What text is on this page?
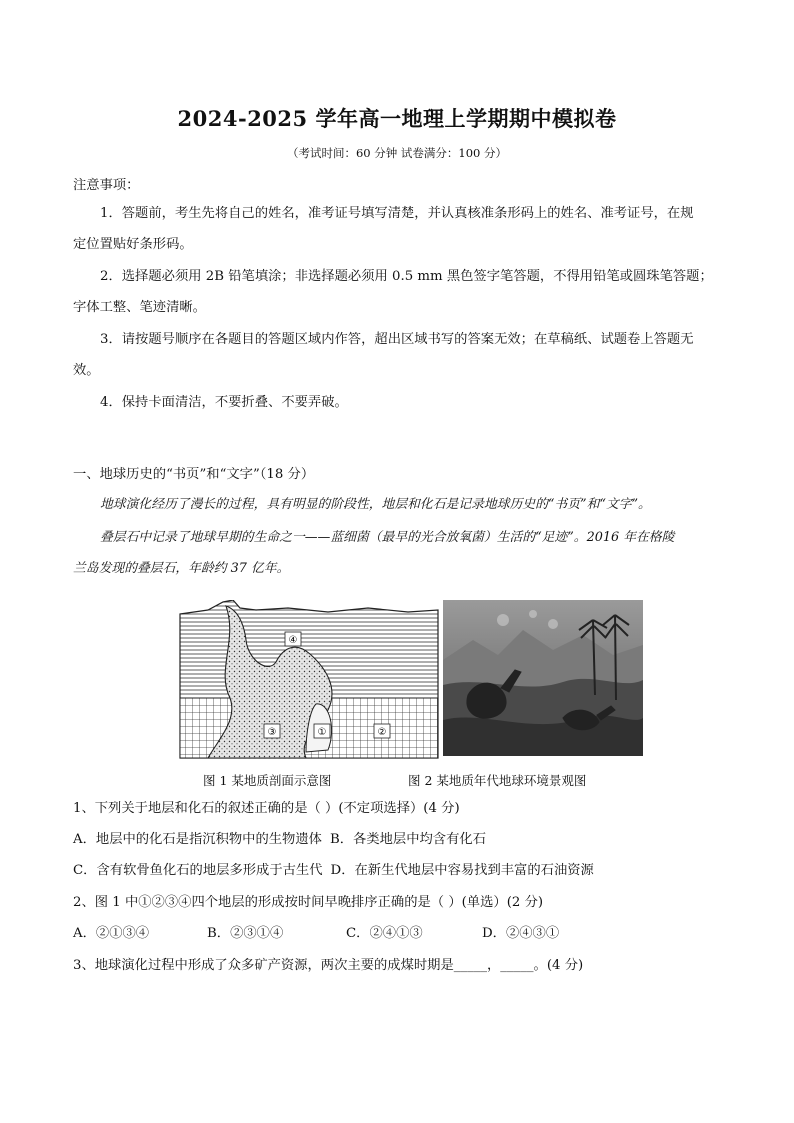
2024-2025 学年高一地理上学期期中模拟卷
（考试时间：60 分钟 试卷满分：100 分）
注意事项：
1．答题前，考生先将自己的姓名，准考证号填写清楚，并认真核准条形码上的姓名、准考证号，在规
定位置贴好条形码。
2．选择题必须用 2B 铅笔填涂；非选择题必须用 0.5 mm 黑色签字笔答题，不得用铅笔或圆珠笔答题；
字体工整、笔迹清晰。
3．请按题号顺序在各题目的答题区域内作答，超出区域书写的答案无效；在草稿纸、试题卷上答题无
效。
4．保持卡面清洁，不要折叠、不要弄破。
一、地球历史的“书页”和“文字”（18 分）
地球演化经历了漫长的过程，具有明显的阶段性，地层和化石是记录地球历史的“书页”和“文字”。
叠层石中记录了地球早期的生命之一——蓝细菌（最早的光合放氧菌）生活的“足迹”。2016 年在格陵
兰岛发现的叠层石，年龄约 37 亿年。
④
③	①	②
图 1 某地质剖面示意图	图 2 某地质年代地球环境景观图
1、下列关于地层和化石的叙述正确的是（ ）(不定项选择）(4 分)
A．地层中的化石是指沉积物中的生物遗体 B．各类地层中均含有化石
C．含有软骨鱼化石的地层多形成于古生代 D．在新生代地层中容易找到丰富的石油资源
2、图 1 中①②③④四个地层的形成按时间早晚排序正确的是（ ）(单选）(2 分)
A．②①③④	B．②③①④	C．②④①③	D．②④③①
3、地球演化过程中形成了众多矿产资源，两次主要的成煤时期是_____，_____。(4 分)
